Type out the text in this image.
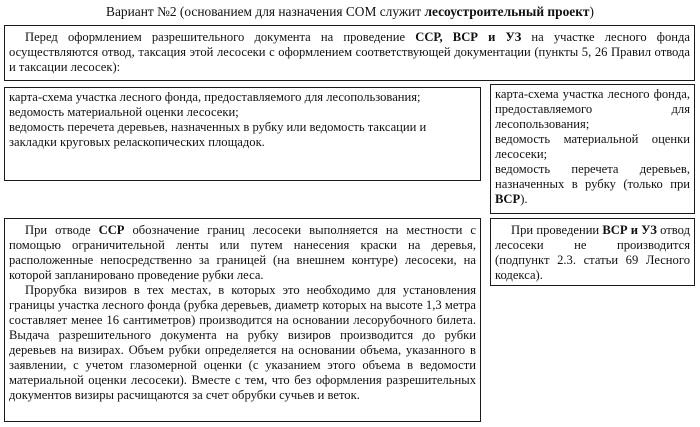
Вариант №2 (основанием для назначения СОМ служит лесоустроительный проект)

Перед оформлением разрешительного документа на проведение ССР, ВСР и УЗ на участке лесного фонда осуществляются отвод, таксация этой лесосеки с оформлением соответствующей документации (пункты 5, 26 Правил отвода и таксации лесосек):

карта-схема участка лесного фонда, предоставляемого для лесопользования;

ведомость материальной оценки лесосеки;

ведомость перечета деревьев, назначенных в рубку или ведомость таксации и закладки круговых реласкопических площадок.

карта-схема участка лесного фонда, предоставляемого для лесопользования;

ведомость материальной оценки лесосеки;

ведомость перечета деревьев, назначенных в рубку (только при ВСР).

При отводе ССР обозначение границ лесосеки выполняется на местности с помощью ограничительной ленты или путем нанесения краски на деревья, расположенные непосредственно за границей (на внешнем контуре) лесосеки, на которой запланировано проведение рубки леса.

Прорубка визиров в тех местах, в которых это необходимо для установления границы участка лесного фонда (рубка деревьев, диаметр которых на высоте 1,3 метра составляет менее 16 сантиметров) производится на основании лесорубочного билета. Выдача разрешительного документа на рубку визиров производится до рубки деревьев на визирах. Объем рубки определяется на основании объема, указанного в заявлении, с учетом глазомерной оценки (с указанием этого объема в ведомости материальной оценки лесосеки). Вместе с тем, что без оформления разрешительных документов визиры расчищаются за счет обрубки сучьев и веток.

При проведении ВСР и УЗ отвод лесосеки не производится (подпункт 2.3. статьи 69 Лесного кодекса).
